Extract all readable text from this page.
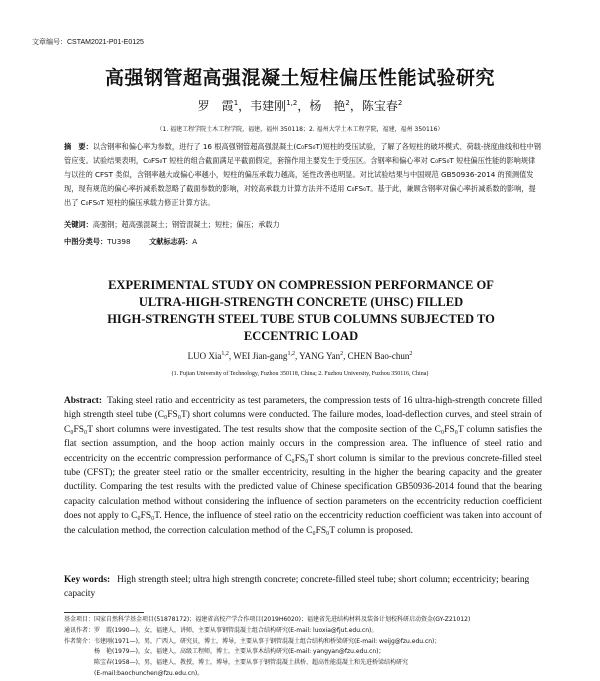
文章编号：CSTAM2021-P01-E0125
高强钢管超高强混凝土短柱偏压性能试验研究
罗　霞$^1$，韦建刚$^{1,2}$，杨　艳$^2$，陈宝春$^2$
（1. 福建工程学院土木工程学院，福建，福州 350118；2. 福州大学土木工程学院，福建，福州 350116）
摘　要：以含钢率和偏心率为参数，进行了 16 根高强钢管超高强混凝土(C₀FS₀T)短柱的受压试验，了解了各短柱的破坏模式、荷载-挠度曲线和柱中钢管应变。试验结果表明，C₀FS₀T 短柱的组合截面满足平截面假定，套箍作用主要发生于受压区。含钢率和偏心率对 C₀FS₀T 短柱偏压性能的影响规律与以往的 CFST 类似，含钢率越大或偏心率越小，短柱的偏压承载力越高，延性改善也明显。对比试验结果与中国规范 GB50936-2014 的预测值发现，现有规范的偏心率折减系数忽略了截面参数的影响，对较高承载力计算方法并不适用 C₀FS₀T。基于此，兼顾含钢率对偏心率折减系数的影响，提出了 C₀FS₀T 短柱的偏压承载力修正计算方法。
关键词：高强钢；超高强混凝土；钢管混凝土；短柱；偏压；承载力
中图分类号：TU398	文献标志码：A
EXPERIMENTAL STUDY ON COMPRESSION PERFORMANCE OF
ULTRA-HIGH-STRENGTH CONCRETE (UHSC) FILLED
HIGH-STRENGTH STEEL TUBE STUB COLUMNS SUBJECTED TO
ECCENTRIC LOAD
LUO Xia$^{1,2}$, WEI Jian-gang$^{1,2}$, YANG Yan$^2$, CHEN Bao-chun$^2$
(1. Fujian University of Technology, Fuzhou 350118, China; 2. Fuzhou University, Fuzhou 350116, China)
Abstract: Taking steel ratio and eccentricity as test parameters, the compression tests of 16 ultra-high-strength concrete filled high strength steel tube (C₀FS₀T) short columns were conducted. The failure modes, load-deflection curves, and steel strain of C₀FS₀T short columns were investigated. The test results show that the composite section of the C₀FS₀T column satisfies the flat section assumption, and the hoop action mainly occurs in the compression area. The influence of steel ratio and eccentricity on the eccentric compression performance of C₀FS₀T short column is similar to the previous concrete-filled steel tube (CFST); the greater steel ratio or the smaller eccentricity, resulting in the higher the bearing capacity and the greater ductility. Comparing the test results with the predicted value of Chinese specification GB50936-2014 found that the bearing capacity calculation method without considering the influence of section parameters on the eccentricity reduction coefficient does not apply to C₀FS₀T. Hence, the influence of steel ratio on the eccentricity reduction coefficient was taken into account of the calculation method, the correction calculation method of the C₀FS₀T column is proposed.
Key words: High strength steel; ultra high strength concrete; concrete-filled steel tube; short column; eccentricity; bearing capacity
基金项目：国家自然科学基金项目(51878172)；福建省高校产学合作项目(2019H6020)；福建省先进结构材料及装备计划校科研启动资金(GY-Z21012)
通讯作者：罗　霞(1990—)，女，福建人，讲师，主要从事钢管混凝土组合结构研究(E-mail: luoxia@fjut.edu.cn)。
作者简介：韦建刚(1971—)，男，广西人，研究员，博士，博导，主要从事于钢管混凝土组合结构和桥梁研究(E-mail: weijg@fzu.edu.cn)；
　　　　　杨　艳(1979—)，女，福建人，高级工程师，博士，主要从事木结构研究(E-mail: yangyan@fzu.edu.cn)；
　　　　　陈宝春(1958—)，男，福建人，教授，博士，博导，主要从事于钢管混凝土拱桥、超高性能混凝土和先进桥梁结构研究
　　　　　(E-mail:baochunchen@fzu.edu.cn)。
